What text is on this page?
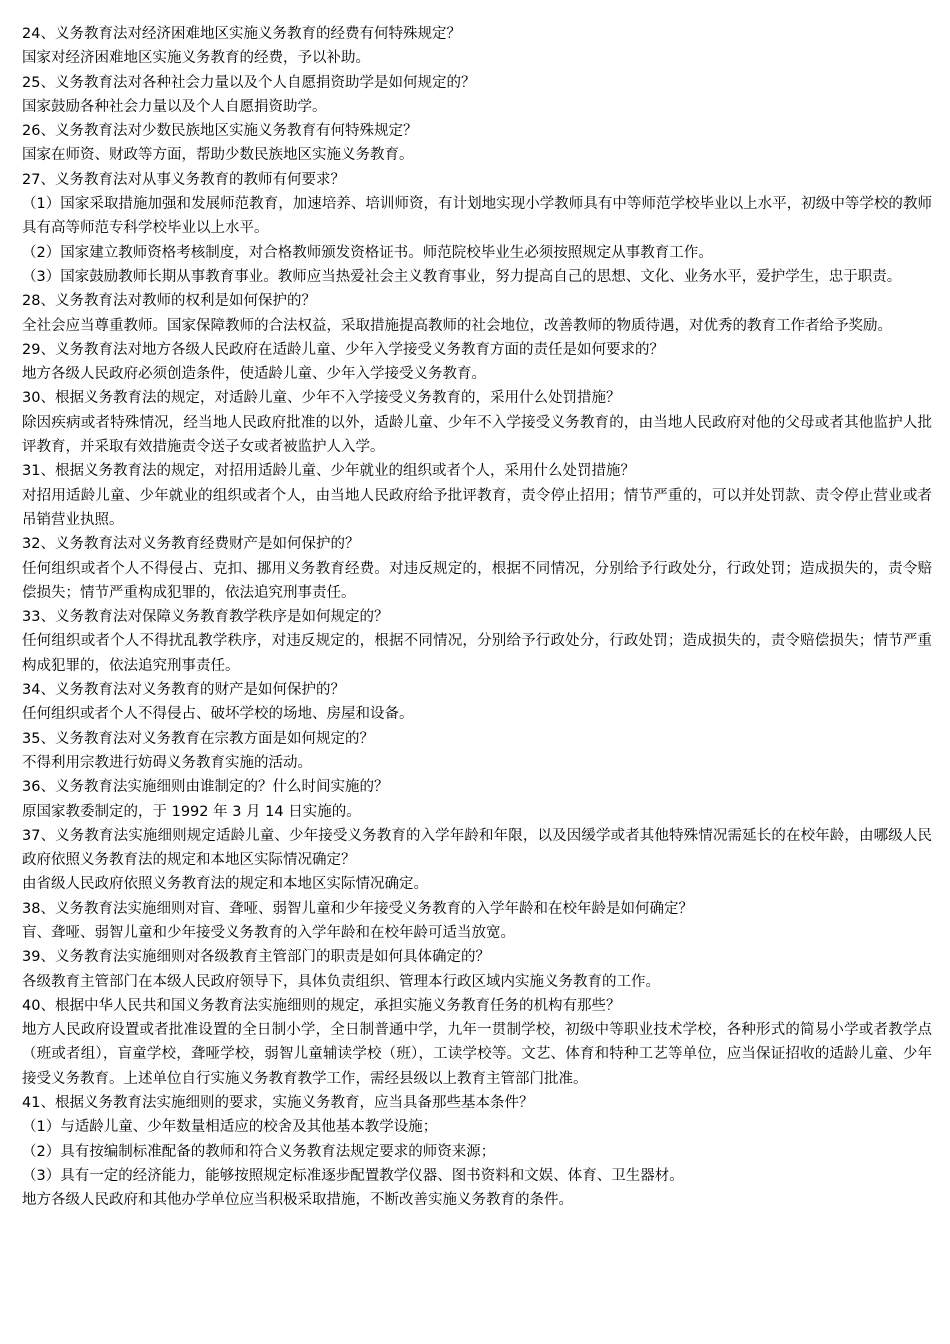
24、义务教育法对经济困难地区实施义务教育的经费有何特殊规定？

国家对经济困难地区实施义务教育的经费，予以补助。

25、义务教育法对各种社会力量以及个人自愿捐资助学是如何规定的？

国家鼓励各种社会力量以及个人自愿捐资助学。

26、义务教育法对少数民族地区实施义务教育有何特殊规定？

国家在师资、财政等方面，帮助少数民族地区实施义务教育。

27、义务教育法对从事义务教育的教师有何要求？

（1）国家采取措施加强和发展师范教育，加速培养、培训师资，有计划地实现小学教师具有中等师范学校毕业以上水平，初级中等学校的教师具有高等师范专科学校毕业以上水平。

（2）国家建立教师资格考核制度，对合格教师颁发资格证书。师范院校毕业生必须按照规定从事教育工作。

（3）国家鼓励教师长期从事教育事业。教师应当热爱社会主义教育事业，努力提高自己的思想、文化、业务水平，爱护学生，忠于职责。

28、义务教育法对教师的权利是如何保护的？

全社会应当尊重教师。国家保障教师的合法权益，采取措施提高教师的社会地位，改善教师的物质待遇，对优秀的教育工作者给予奖励。

29、义务教育法对地方各级人民政府在适龄儿童、少年入学接受义务教育方面的责任是如何要求的？

地方各级人民政府必须创造条件，使适龄儿童、少年入学接受义务教育。

30、根据义务教育法的规定，对适龄儿童、少年不入学接受义务教育的，采用什么处罚措施？

除因疾病或者特殊情况，经当地人民政府批准的以外，适龄儿童、少年不入学接受义务教育的，由当地人民政府对他的父母或者其他监护人批评教育，并采取有效措施责令送子女或者被监护人入学。

31、根据义务教育法的规定，对招用适龄儿童、少年就业的组织或者个人，采用什么处罚措施？

对招用适龄儿童、少年就业的组织或者个人，由当地人民政府给予批评教育，责令停止招用；情节严重的，可以并处罚款、责令停止营业或者吊销营业执照。

32、义务教育法对义务教育经费财产是如何保护的？

任何组织或者个人不得侵占、克扣、挪用义务教育经费。对违反规定的，根据不同情况，分别给予行政处分，行政处罚；造成损失的，责令赔偿损失；情节严重构成犯罪的，依法追究刑事责任。

33、义务教育法对保障义务教育教学秩序是如何规定的？

任何组织或者个人不得扰乱教学秩序，对违反规定的，根据不同情况，分别给予行政处分，行政处罚；造成损失的，责令赔偿损失；情节严重构成犯罪的，依法追究刑事责任。

34、义务教育法对义务教育的财产是如何保护的？

任何组织或者个人不得侵占、破坏学校的场地、房屋和设备。

35、义务教育法对义务教育在宗教方面是如何规定的？

不得利用宗教进行妨碍义务教育实施的活动。

36、义务教育法实施细则由谁制定的？什么时间实施的？

原国家教委制定的，于 1992 年 3 月 14 日实施的。

37、义务教育法实施细则规定适龄儿童、少年接受义务教育的入学年龄和年限，以及因缓学或者其他特殊情况需延长的在校年龄，由哪级人民政府依照义务教育法的规定和本地区实际情况确定？

由省级人民政府依照义务教育法的规定和本地区实际情况确定。

38、义务教育法实施细则对盲、聋哑、弱智儿童和少年接受义务教育的入学年龄和在校年龄是如何确定？

盲、聋哑、弱智儿童和少年接受义务教育的入学年龄和在校年龄可适当放宽。

39、义务教育法实施细则对各级教育主管部门的职责是如何具体确定的？

各级教育主管部门在本级人民政府领导下，具体负责组织、管理本行政区域内实施义务教育的工作。

40、根据中华人民共和国义务教育法实施细则的规定，承担实施义务教育任务的机构有那些？

地方人民政府设置或者批准设置的全日制小学，全日制普通中学，九年一贯制学校，初级中等职业技术学校，各种形式的简易小学或者教学点（班或者组），盲童学校，聋哑学校，弱智儿童辅读学校（班），工读学校等。文艺、体育和特种工艺等单位，应当保证招收的适龄儿童、少年接受义务教育。上述单位自行实施义务教育教学工作，需经县级以上教育主管部门批准。

41、根据义务教育法实施细则的要求，实施义务教育，应当具备那些基本条件？

（1）与适龄儿童、少年数量相适应的校舍及其他基本教学设施；

（2）具有按编制标准配备的教师和符合义务教育法规定要求的师资来源；

（3）具有一定的经济能力，能够按照规定标准逐步配置教学仪器、图书资料和文娱、体育、卫生器材。

地方各级人民政府和其他办学单位应当积极采取措施，不断改善实施义务教育的条件。
